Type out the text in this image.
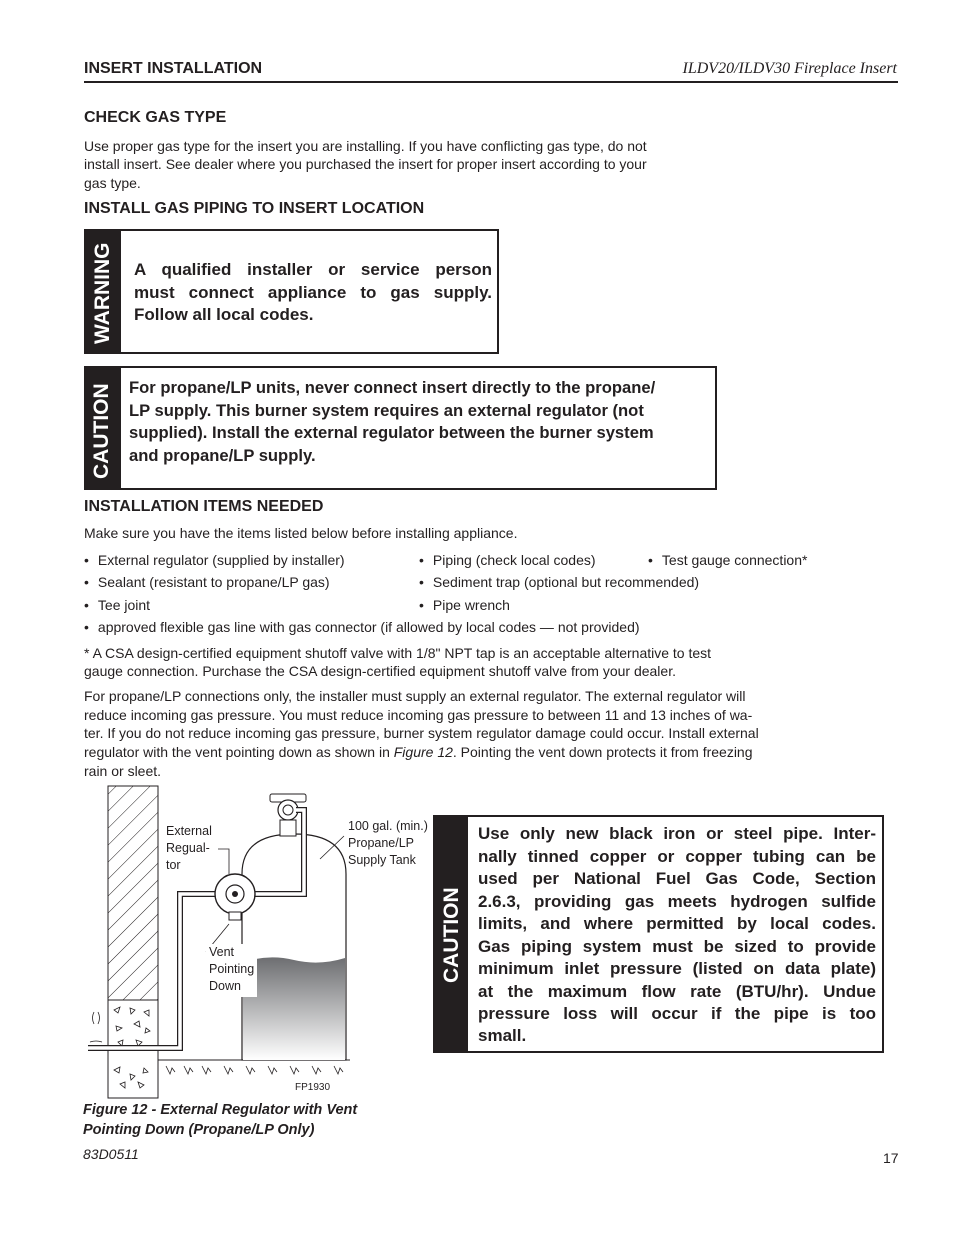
INSERT INSTALLATION	ILDV20/ILDV30 Fireplace Insert
CHECK GAS TYPE

Use proper gas type for the insert you are installing. If you have conflicting gas type, do not

install insert. See dealer where you purchased the insert for proper insert according to your

gas type.

INSTALL GAS PIPING TO INSERT LOCATION
WARNING A qualified installer or service person
must connect appliance to gas supply.
Follow all local codes.
CAUTION For propane/LP units, never connect insert directly to the propane/
LP supply. This burner system requires an external regulator (not
supplied). Install the external regulator between the burner system
and propane/LP supply.
INSTALLATION ITEMS NEEDED

Make sure you have the items listed below before installing appliance.

• External regulator (supplied by installer)
• Sealant (resistant to propane/LP gas)
• Tee joint
• Piping (check local codes)
• Sediment trap (optional but recommended)
• Pipe wrench
• Test gauge connection*
• approved flexible gas line with gas connector (if allowed by local codes — not provided)

* A CSA design-certified equipment shutoff valve with 1/8" NPT tap is an acceptable alternative to test

gauge connection. Purchase the CSA design-certified equipment shutoff valve from your dealer.

For propane/LP connections only, the installer must supply an external regulator. The external regulator will

reduce incoming gas pressure. You must reduce incoming gas pressure to between 11 and 13 inches of wa-

ter. If you do not reduce incoming gas pressure, burner system regulator damage could occur. Install external

regulator with the vent pointing down as shown in Figure 12. Pointing the vent down protects it from freezing

rain or sleet.

External
Regual-
tor
100 gal. (min.)
Propane/LP
Supply Tank
Vent
Pointing
Down
FP1930
Figure 12 - External Regulator with Vent
Pointing Down (Propane/LP Only)
CAUTION
Use only new black iron or steel pipe. Inter-
nally tinned copper or copper tubing can be
used per National Fuel Gas Code, Section
2.6.3, providing gas meets hydrogen sulfide
limits, and where permitted by local codes.
Gas piping system must be sized to provide
minimum inlet pressure (listed on data plate)
at the maximum flow rate (BTU/hr). Undue
pressure loss will occur if the pipe is too
small.
83D0511	17
